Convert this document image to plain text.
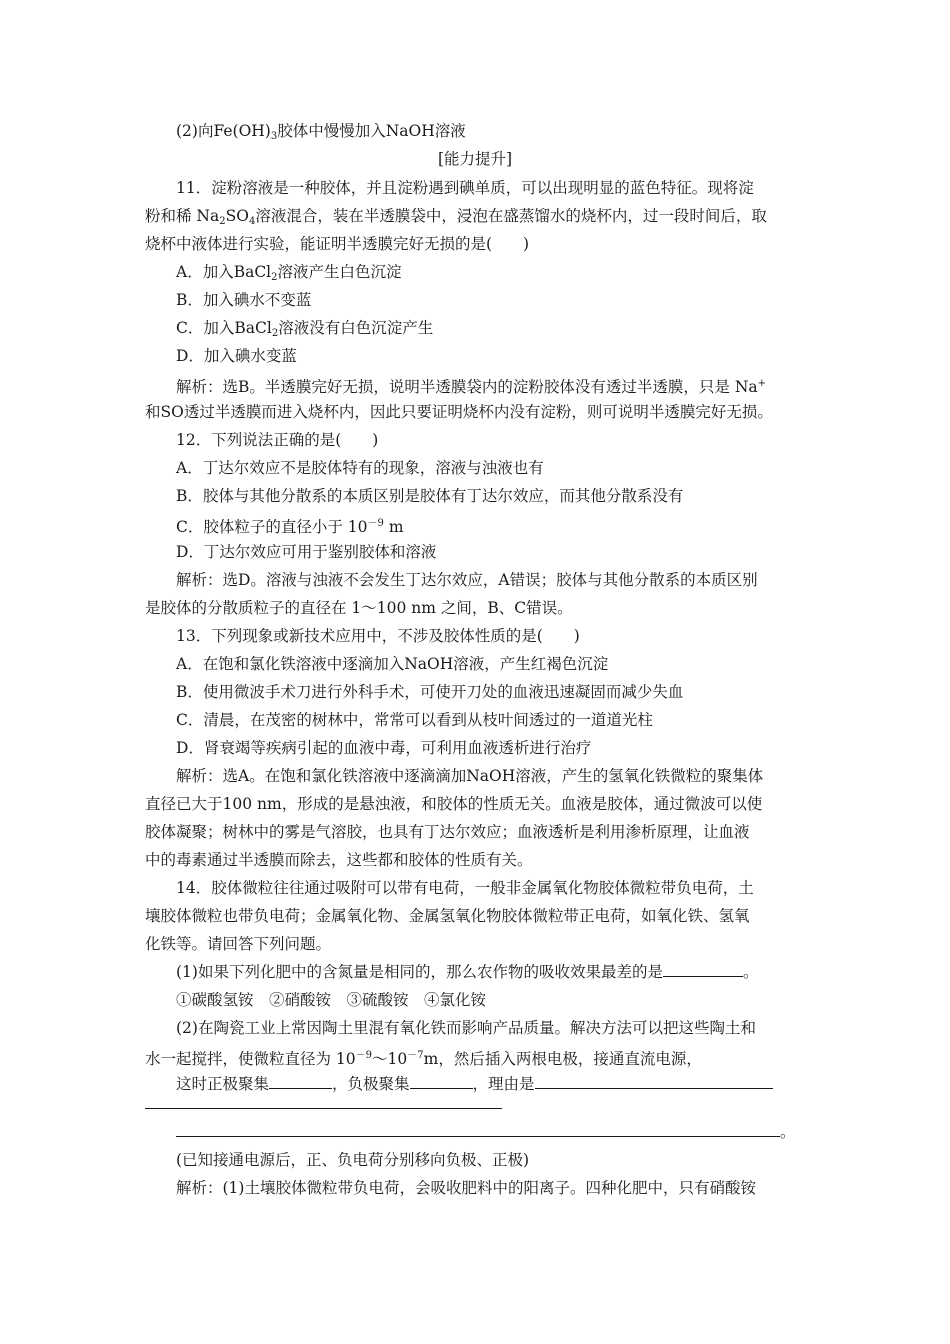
(2)向$Fe(OH)_3$胶体中慢慢加入NaOH溶液
[能力提升]
11．淀粉溶液是一种胶体，并且淀粉遇到碘单质，可以出现明显的蓝色特征。现将淀
粉和稀 $Na_2SO_4$溶液混合，装在半透膜袋中，浸泡在盛蒸馏水的烧杯内，过一段时间后，取
烧杯中液体进行实验，能证明半透膜完好无损的是(　　)
A．加入BaCl$_2$溶液产生白色沉淀
B．加入碘水不变蓝
C．加入BaCl$_2$溶液没有白色沉淀产生
D．加入碘水变蓝
解析：选B。半透膜完好无损，说明半透膜袋内的淀粉胶体没有透过半透膜，只是 Na+
和SO透过半透膜而进入烧杯内，因此只要证明烧杯内没有淀粉，则可说明半透膜完好无损。
12．下列说法正确的是(　　)
A．丁达尔效应不是胶体特有的现象，溶液与浊液也有
B．胶体与其他分散系的本质区别是胶体有丁达尔效应，而其他分散系没有
C．胶体粒子的直径小于 $10^{-9}$ m
D．丁达尔效应可用于鉴别胶体和溶液
解析：选D。溶液与浊液不会发生丁达尔效应，A错误；胶体与其他分散系的本质区别
是胶体的分散质粒子的直径在 1～100 nm 之间，B、C错误。
13．下列现象或新技术应用中，不涉及胶体性质的是(　　)
A．在饱和氯化铁溶液中逐滴加入NaOH溶液，产生红褐色沉淀
B．使用微波手术刀进行外科手术，可使开刀处的血液迅速凝固而减少失血
C．清晨，在茂密的树林中，常常可以看到从枝叶间透过的一道道光柱
D．肾衰竭等疾病引起的血液中毒，可利用血液透析进行治疗
解析：选A。在饱和氯化铁溶液中逐滴滴加NaOH溶液，产生的氢氧化铁微粒的聚集体
直径已大于100 nm，形成的是悬浊液，和胶体的性质无关。血液是胶体，通过微波可以使
胶体凝聚；树林中的雾是气溶胶，也具有丁达尔效应；血液透析是利用渗析原理，让血液
中的毒素通过半透膜而除去，这些都和胶体的性质有关。
14．胶体微粒往往通过吸附可以带有电荷，一般非金属氧化物胶体微粒带负电荷，土
壤胶体微粒也带负电荷；金属氧化物、金属氢氧化物胶体微粒带正电荷，如氧化铁、氢氧
化铁等。请回答下列问题。
(1)如果下列化肥中的含氮量是相同的，那么农作物的吸收效果最差的是	。
①碳酸氢铵　②硝酸铵　③硫酸铵　④氯化铵
(2)在陶瓷工业上常因陶土里混有氧化铁而影响产品质量。解决方法可以把这些陶土和
水一起搅拌，使微粒直径为 $10^{-9}\sim 10^{-7}m$，然后插入两根电极，接通直流电源，
这时正极聚集	，负极聚集	，理由是
。
(已知接通电源后，正、负电荷分别移向负极、正极)
解析：(1)土壤胶体微粒带负电荷，会吸收肥料中的阳离子。四种化肥中，只有硝酸铵
